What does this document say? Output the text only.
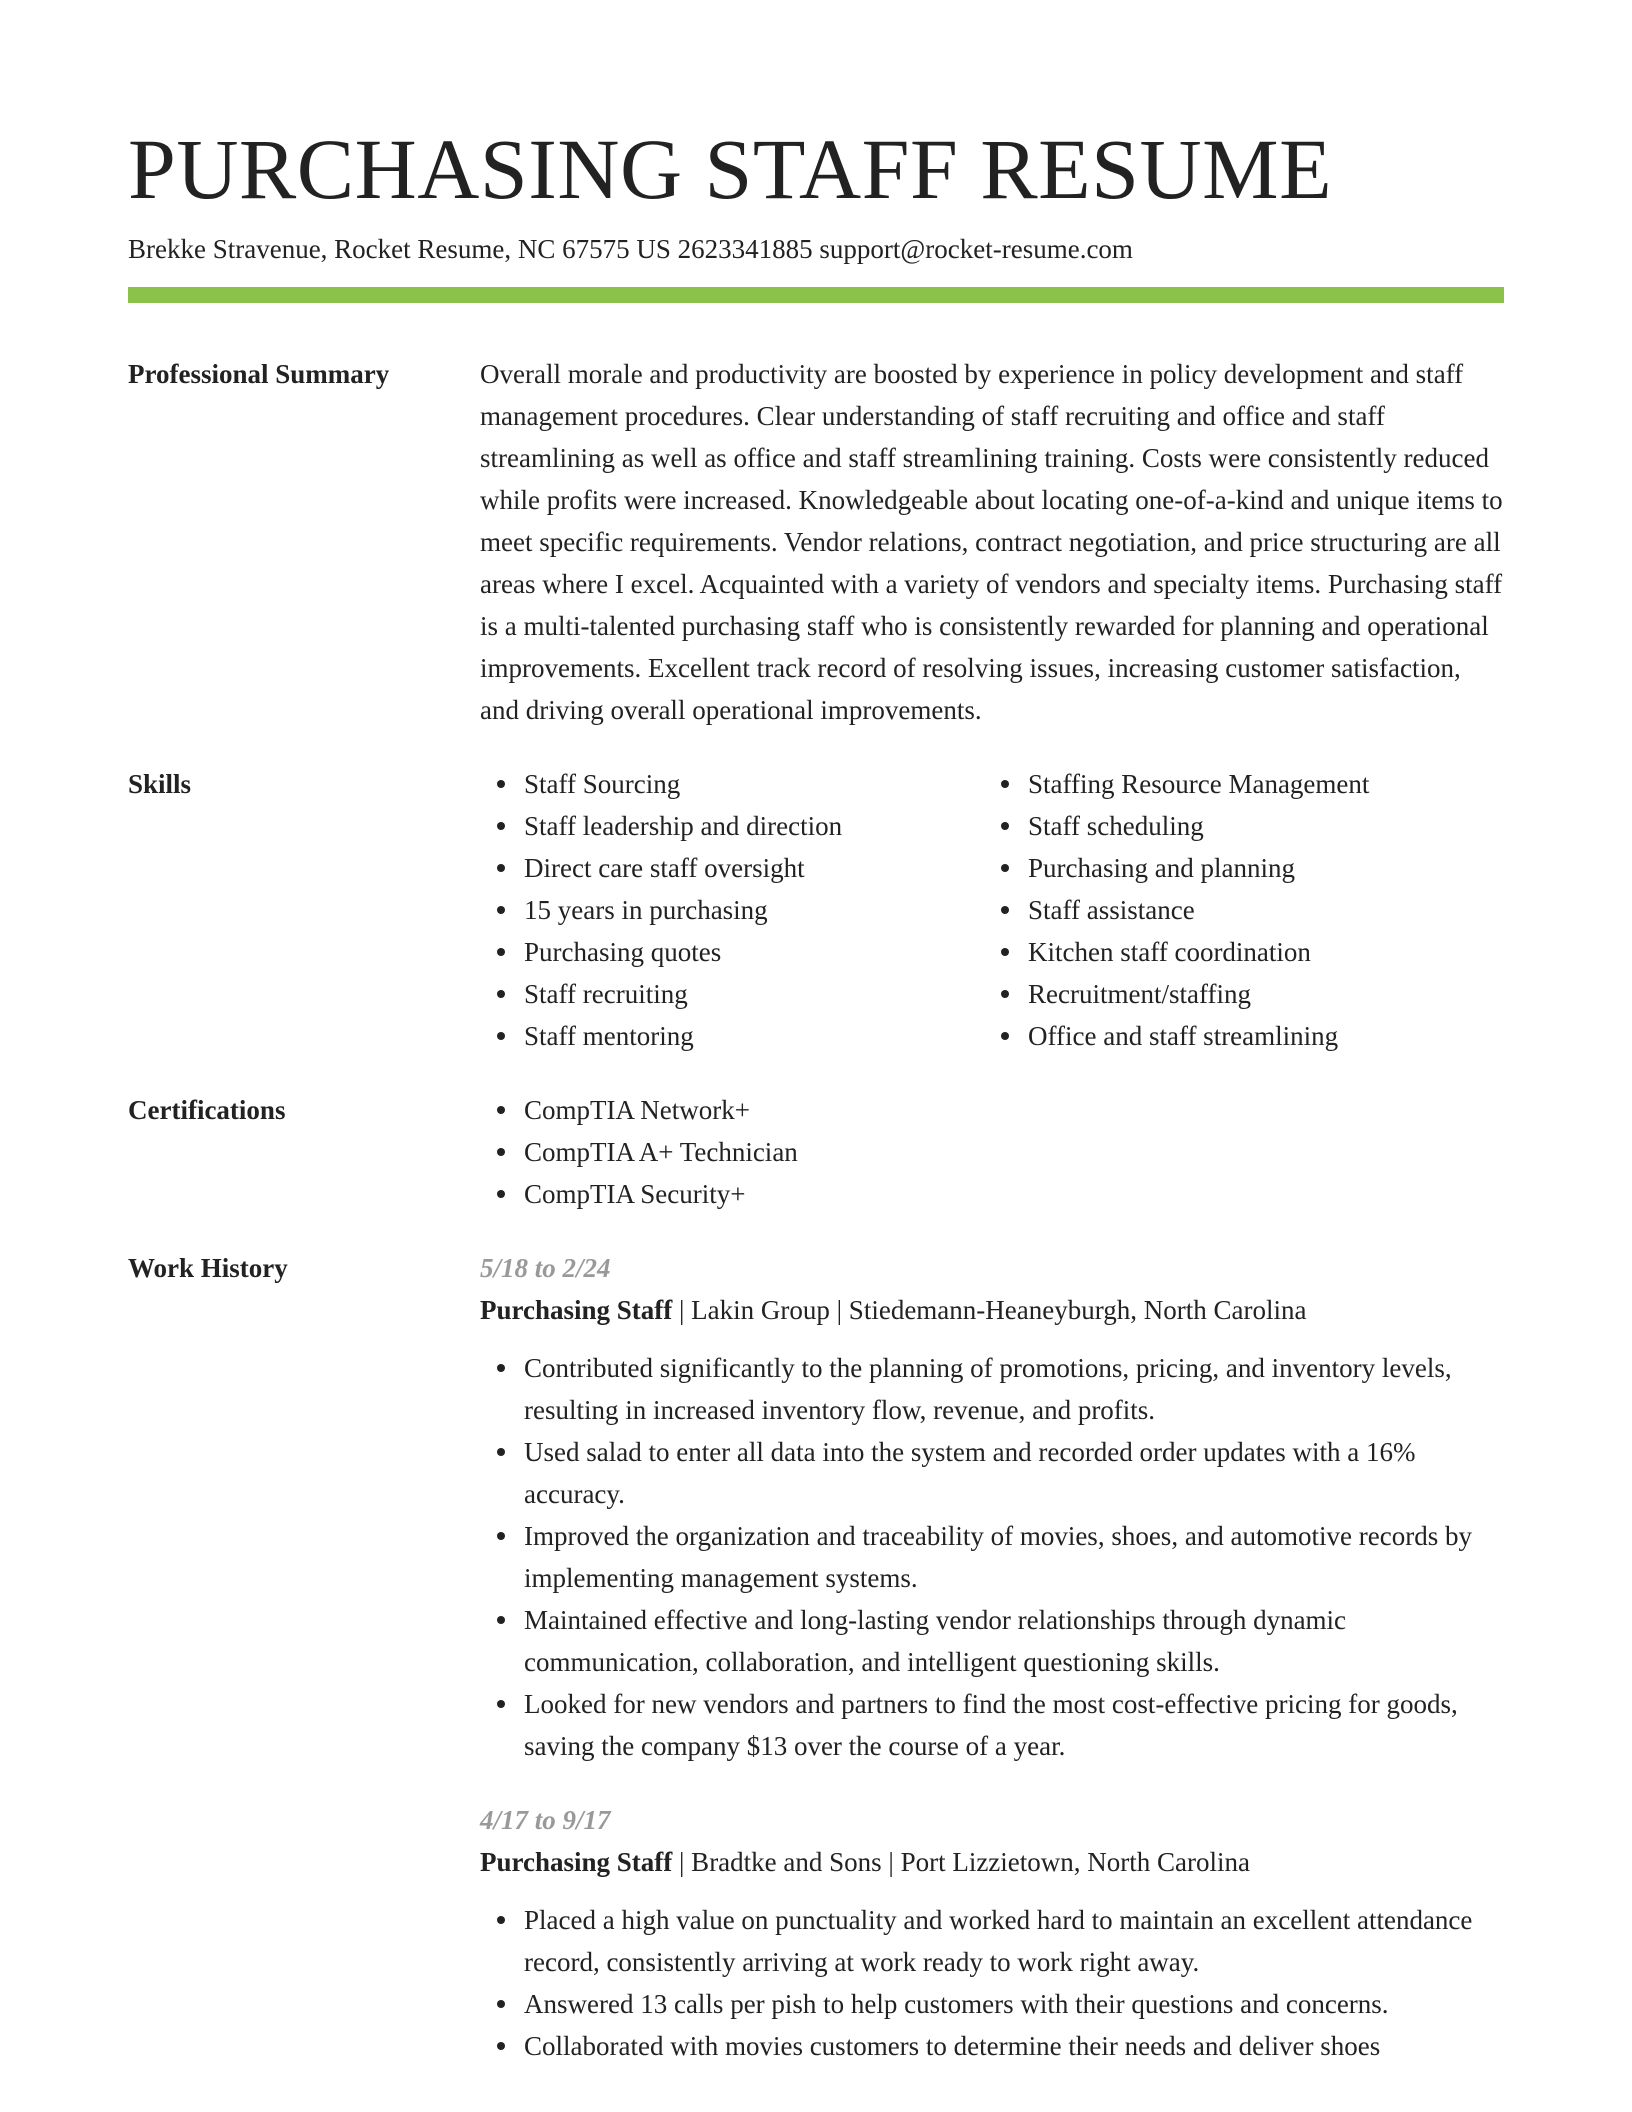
PURCHASING STAFF RESUME
Brekke Stravenue, Rocket Resume, NC 67575 US 2623341885 support@rocket-resume.com
Professional Summary	Overall morale and productivity are boosted by experience in policy development and staff management procedures. Clear understanding of staff recruiting and office and staff streamlining as well as office and staff streamlining training. Costs were consistently reduced while profits were increased. Knowledgeable about locating one-of-a-kind and unique items to meet specific requirements. Vendor relations, contract negotiation, and price structuring are all areas where I excel. Acquainted with a variety of vendors and specialty items. Purchasing staff is a multi-talented purchasing staff who is consistently rewarded for planning and operational improvements. Excellent track record of resolving issues, increasing customer satisfaction, and driving overall operational improvements.

Skills	Staff Sourcing
Staff leadership and direction
Direct care staff oversight
15 years in purchasing
Purchasing quotes
Staff recruiting
Staff mentoring
Staffing Resource Management
Staff scheduling
Purchasing and planning
Staff assistance
Kitchen staff coordination
Recruitment/staffing
Office and staff streamlining
Certifications	CompTIA Network+
CompTIA A+ Technician
CompTIA Security+
Work History	5/18 to 2/24
Purchasing Staff | Lakin Group | Stiedemann-Heaneyburgh, North Carolina
Contributed significantly to the planning of promotions, pricing, and inventory levels, resulting in increased inventory flow, revenue, and profits.
Used salad to enter all data into the system and recorded order updates with a 16% accuracy.
Improved the organization and traceability of movies, shoes, and automotive records by implementing management systems.
Maintained effective and long-lasting vendor relationships through dynamic communication, collaboration, and intelligent questioning skills.
Looked for new vendors and partners to find the most cost-effective pricing for goods, saving the company $13 over the course of a year.
4/17 to 9/17
Purchasing Staff | Bradtke and Sons | Port Lizzietown, North Carolina
Placed a high value on punctuality and worked hard to maintain an excellent attendance record, consistently arriving at work ready to work right away.
Answered 13 calls per pish to help customers with their questions and concerns.
Collaborated with movies customers to determine their needs and deliver shoes
